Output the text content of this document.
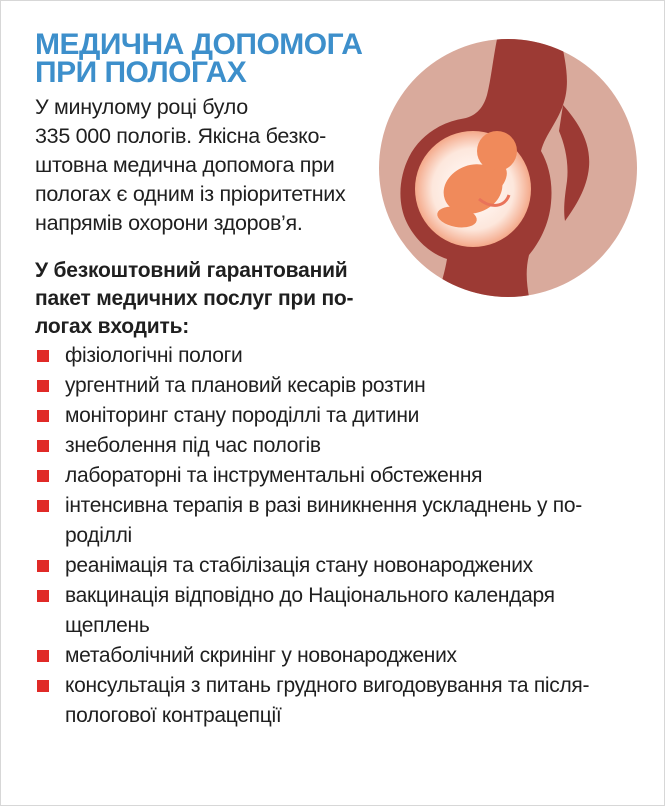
МЕДИЧНА ДОПОМОГА
ПРИ ПОЛОГАХ

У минулому році було
335 000 пологів. Якісна безко-
штовна медична допомога при
пологах є одним із пріоритетних
напрямів охорони здоров’я.

У безкоштовний гарантований
пакет медичних послуг при по-
логах входить:
фізіологічні пологи
ургентний та плановий кесарів розтин
моніторинг стану породіллі та дитини
знеболення під час пологів
лабораторні та інструментальні обстеження
інтенсивна терапія в разі виникнення ускладнень у по-
роділлі
реанімація та стабілізація стану новонароджених
вакцинація відповідно до Національного календаря
щеплень
метаболічний скринінг у новонароджених
консультація з питань грудного вигодовування та після-
пологової контрацепції
